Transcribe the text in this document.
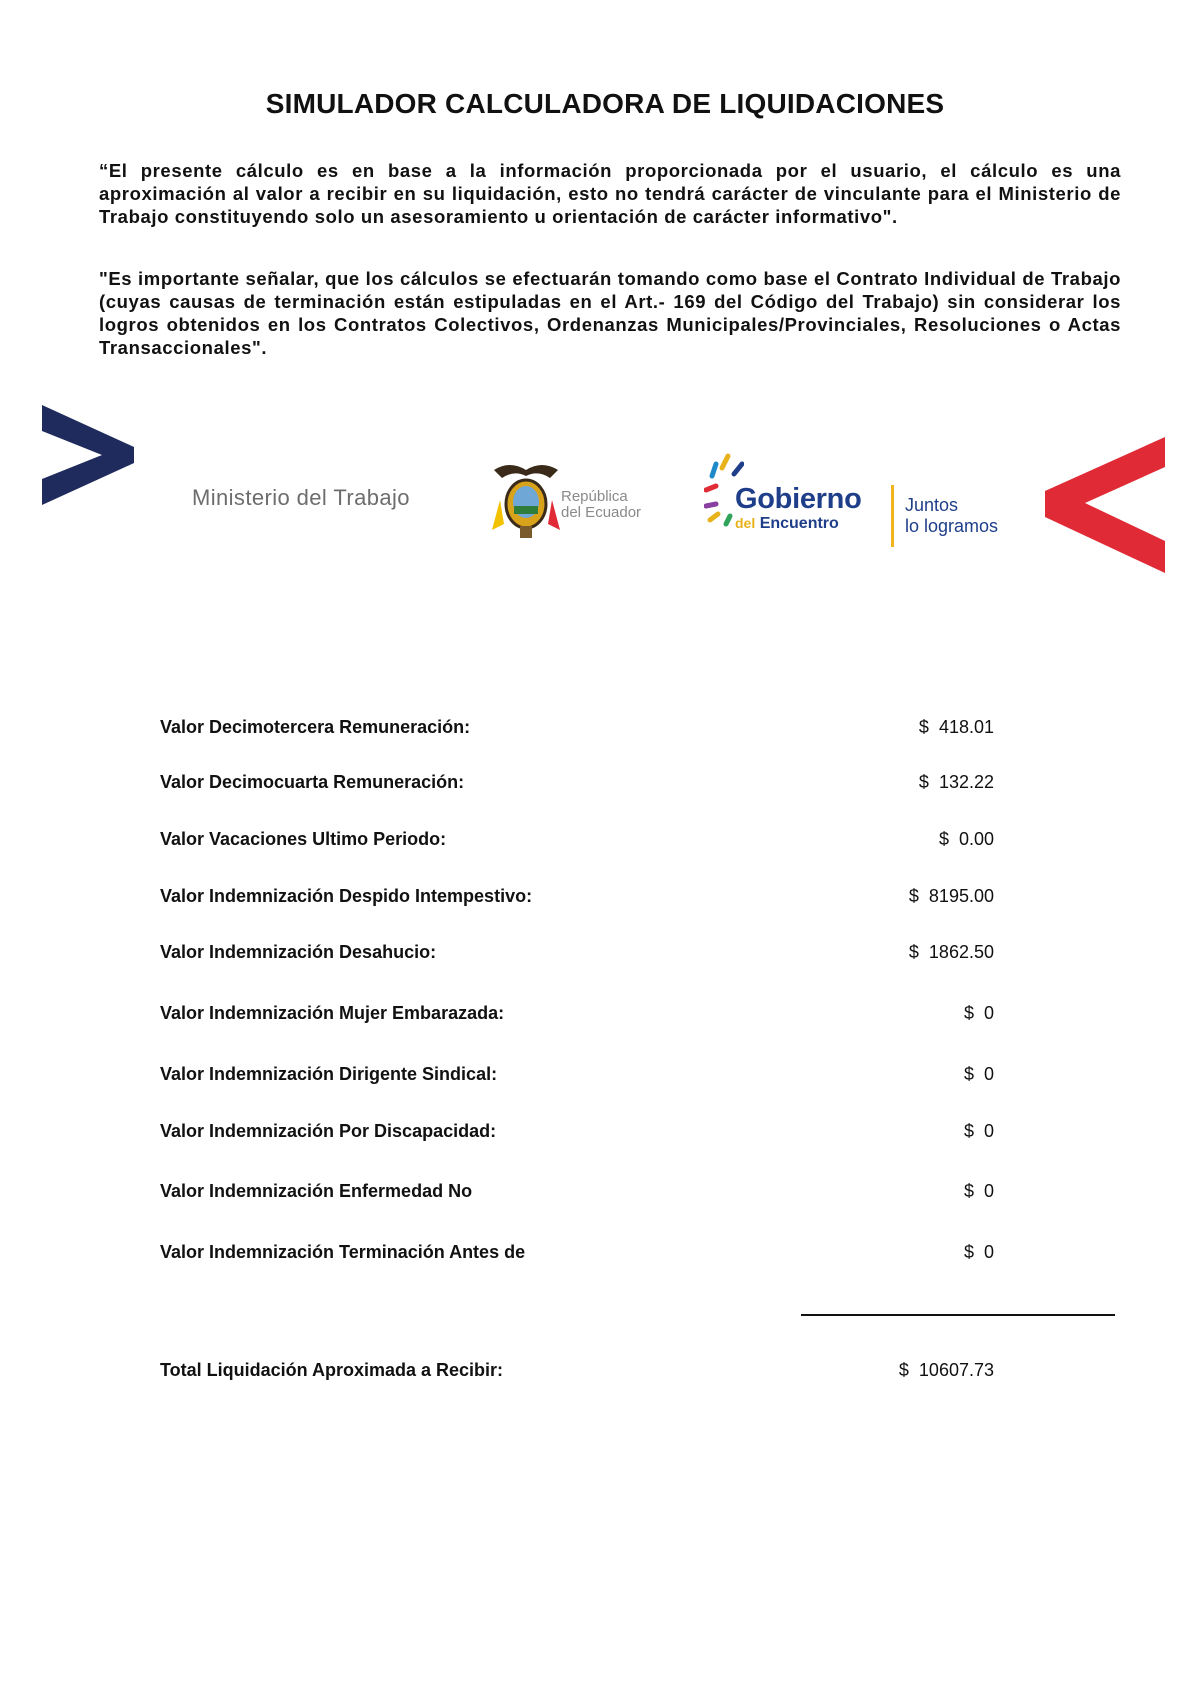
SIMULADOR CALCULADORA DE LIQUIDACIONES

“El presente cálculo es en base a la información proporcionada por el usuario, el cálculo es una aproximación al valor a recibir en su liquidación, esto no tendrá carácter de vinculante para el Ministerio de Trabajo constituyendo solo un asesoramiento u orientación de carácter informativo".

"Es importante señalar, que los cálculos se efectuarán tomando como base el Contrato Individual de Trabajo (cuyas causas de terminación están estipuladas en el Art.- 169 del Código del Trabajo) sin considerar los logros obtenidos en los Contratos Colectivos, Ordenanzas Municipales/Provinciales, Resoluciones o Actas Transaccionales".

Ministerio del Trabajo	República
del Ecuador	Gobierno
del Encuentro
Juntos
lo logramos
Valor Decimotercera Remuneración:	$ 418.01
Valor Decimocuarta Remuneración:	$ 132.22
Valor Vacaciones Ultimo Periodo:	$ 0.00
Valor Indemnización Despido Intempestivo:	$ 8195.00
Valor Indemnización Desahucio:	$ 1862.50
Valor Indemnización Mujer Embarazada:	$ 0
Valor Indemnización Dirigente Sindical:	$ 0
Valor Indemnización Por Discapacidad:	$ 0
Valor Indemnización Enfermedad No	$ 0
Valor Indemnización Terminación Antes de	$ 0
Total Liquidación Aproximada a Recibir:	$ 10607.73
